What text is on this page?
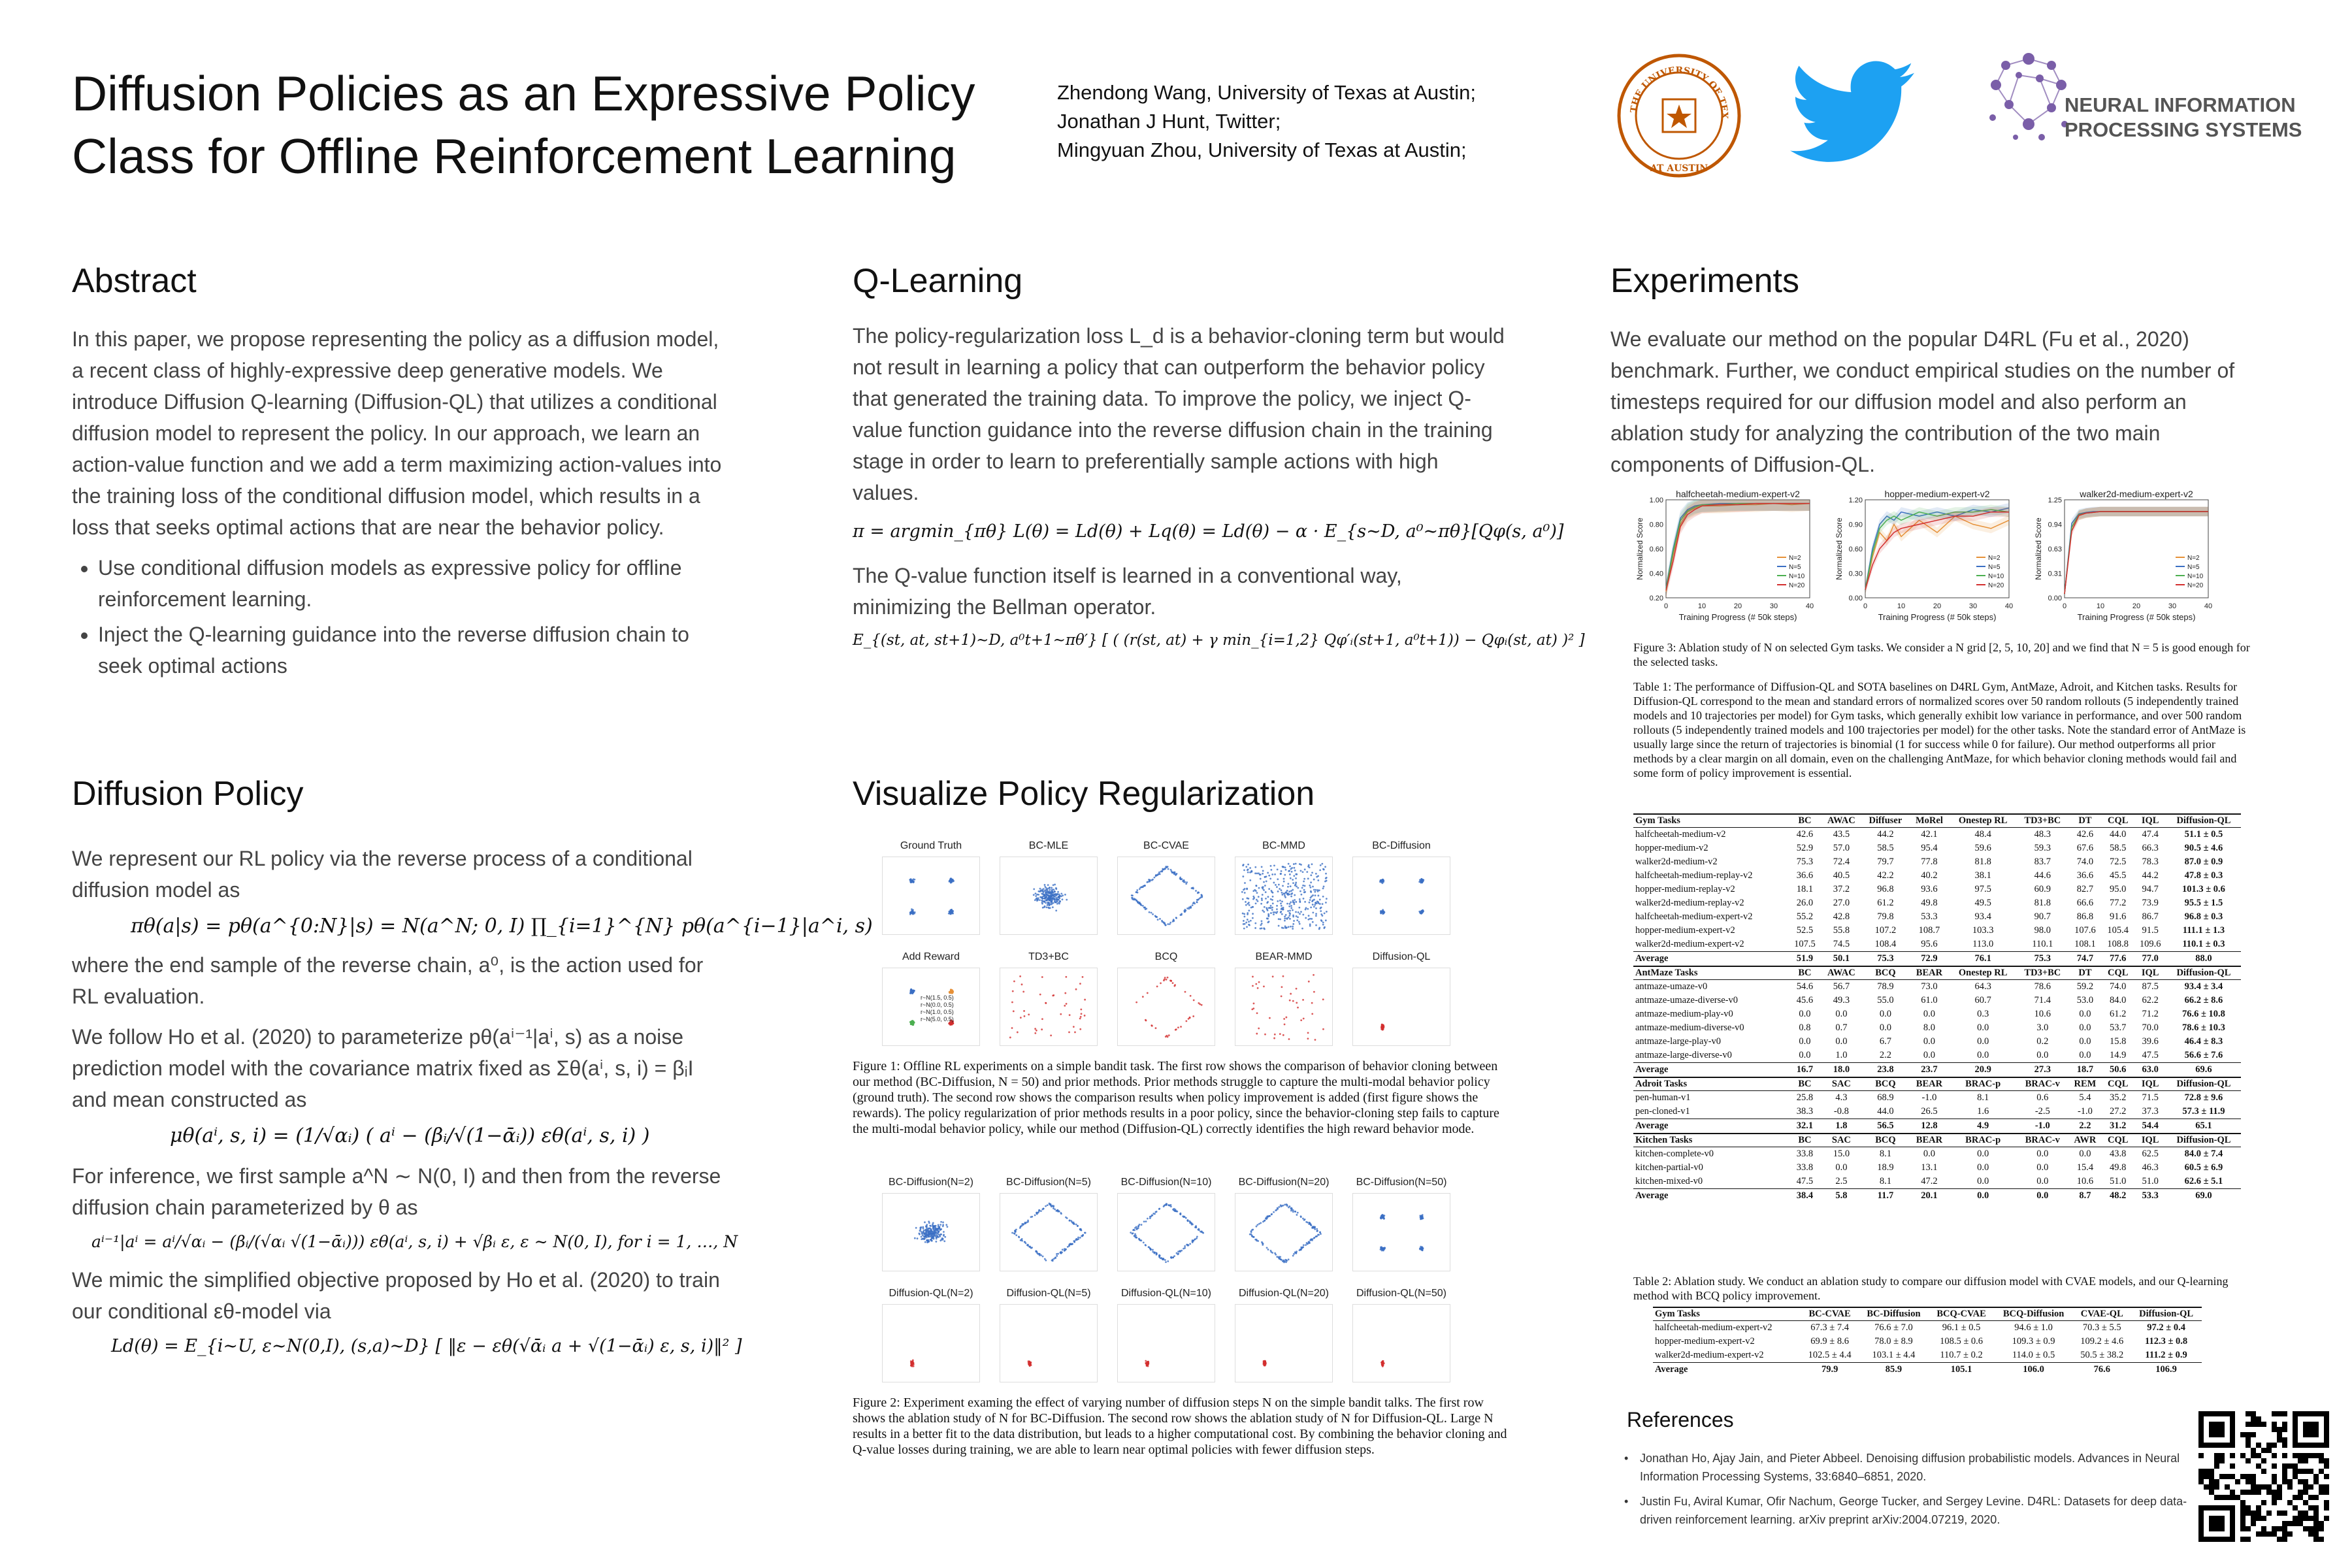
Diffusion Policies as an Expressive Policy
Class for Offline Reinforcement Learning
Zhendong Wang, University of Texas at Austin;
Jonathan J Hunt, Twitter;
Mingyuan Zhou, University of Texas at Austin;
THE UNIVERSITY OF TEX
AT AUSTIN
NEURAL INFORMATION
PROCESSING SYSTEMS
Abstract

In this paper, we propose representing the policy as a diffusion model, a recent class of highly-expressive deep generative models. We introduce Diffusion Q-learning (Diffusion-QL) that utilizes a conditional diffusion model to represent the policy. In our approach, we learn an action-value function and we add a term maximizing action-values into the training loss of the conditional diffusion model, which results in a loss that seeks optimal actions that are near the behavior policy.

• Use conditional diffusion models as expressive policy for offline reinforcement learning.
• Inject the Q-learning guidance into the reverse diffusion chain to seek optimal actions
Diffusion Policy

We represent our RL policy via the reverse process of a conditional diffusion model as

πθ(a|s) = pθ(a^{0:N}|s) = N(a^N; 0, I) ∏_{i=1}^{N} pθ(a^{i−1}|a^i, s)

where the end sample of the reverse chain, a⁰, is the action used for RL evaluation.

We follow Ho et al. (2020) to parameterize pθ(aⁱ⁻¹|aⁱ, s) as a noise prediction model with the covariance matrix fixed as Σθ(aⁱ, s, i) = βᵢI and mean constructed as

μθ(aⁱ, s, i) = (1/√αᵢ) ( aⁱ − (βᵢ/√(1−ᾱᵢ)) εθ(aⁱ, s, i) )

For inference, we first sample a^N ∼ N(0, I) and then from the reverse diffusion chain parameterized by θ as

aⁱ⁻¹|aⁱ = aⁱ/√αᵢ − (βᵢ/(√αᵢ √(1−ᾱᵢ))) εθ(aⁱ, s, i) + √βᵢ ε, ε ∼ N(0, I), for i = 1, …, N

We mimic the simplified objective proposed by Ho et al. (2020) to train our conditional εθ-model via

Ld(θ) = E_{i∼U, ε∼N(0,I), (s,a)∼D} [ ‖ε − εθ(√ᾱᵢ a + √(1−ᾱᵢ) ε, s, i)‖² ]
Q-Learning

The policy-regularization loss L_d is a behavior-cloning term but would not result in learning a policy that can outperform the behavior policy that generated the training data. To improve the policy, we inject Q-value function guidance into the reverse diffusion chain in the training stage in order to learn to preferentially sample actions with high values.

π = argmin_{πθ} L(θ) = Ld(θ) + Lq(θ) = Ld(θ) − α · E_{s∼D, a⁰∼πθ}[Qφ(s, a⁰)]

The Q-value function itself is learned in a conventional way, minimizing the Bellman operator.

E_{(st, at, st+1)∼D, a⁰t+1∼πθ′} [ ( (r(st, at) + γ min_{i=1,2} Qφ′ᵢ(st+1, a⁰t+1)) − Qφᵢ(st, at) )² ]
Visualize Policy Regularization
Ground Truth	BC-MLE	BC-CVAE	BC-MMD	BC-Diffusion
Add Reward
r~N(1.5, 0.5)
r~N(0.0, 0.5)
r~N(1.0, 0.5)
r~N(5.0, 0.5)
TD3+BC	BCQ	BEAR-MMD	Diffusion-QL
Figure 1: Offline RL experiments on a simple bandit task. The first row shows the comparison of behavior cloning between our method (BC-Diffusion, N = 50) and prior methods. Prior methods struggle to capture the multi-modal behavior policy (ground truth). The second row shows the comparison results when policy improvement is added (first figure shows the rewards). The policy regularization of prior methods results in a poor policy, since the behavior-cloning step fails to capture the multi-modal behavior policy, while our method (Diffusion-QL) correctly identifies the high reward behavior mode.
BC-Diffusion(N=2)	BC-Diffusion(N=5)	BC-Diffusion(N=10)	BC-Diffusion(N=20)	BC-Diffusion(N=50)
Diffusion-QL(N=2)	Diffusion-QL(N=5)	Diffusion-QL(N=10)	Diffusion-QL(N=20)	Diffusion-QL(N=50)
Figure 2: Experiment examing the effect of varying number of diffusion steps N on the simple bandit talks. The first row shows the ablation study of N for BC-Diffusion. The second row shows the ablation study of N for Diffusion-QL. Large N results in a better fit to the data distribution, but leads to a higher computational cost. By combining the behavior cloning and Q-value losses during training, we are able to learn near optimal policies with fewer diffusion steps.
Experiments

We evaluate our method on the popular D4RL (Fu et al., 2020) benchmark. Further, we conduct empirical studies on the number of timesteps required for our diffusion model and also perform an ablation study for analyzing the contribution of the two main components of Diffusion-QL.

halfcheetah-medium-expert-v2
Training Progress (# 50k steps)
Normalized Score
0	10	20	30	40
0.20
0.40
0.60
0.80
1.00
N=2
N=5
N=10
N=20
hopper-medium-expert-v2
Training Progress (# 50k steps)
Normalized Score
0	10	20	30	40
0.00
0.30
0.60
0.90
1.20
N=2
N=5
N=10
N=20
walker2d-medium-expert-v2
Training Progress (# 50k steps)
Normalized Score
0	10	20	30	40
0.00
0.31
0.63
0.94
1.25
N=2
N=5
N=10
N=20
Figure 3: Ablation study of N on selected Gym tasks. We consider a N grid [2, 5, 10, 20] and we find that N = 5 is good enough for the selected tasks.
Table 1: The performance of Diffusion-QL and SOTA baselines on D4RL Gym, AntMaze, Adroit, and Kitchen tasks. Results for Diffusion-QL correspond to the mean and standard errors of normalized scores over 50 random rollouts (5 independently trained models and 10 trajectories per model) for Gym tasks, which generally exhibit low variance in performance, and over 500 random rollouts (5 independently trained models and 100 trajectories per model) for the other tasks. Note the standard error of AntMaze is usually large since the return of trajectories is binomial (1 for success while 0 for failure). Our method outperforms all prior methods by a clear margin on all domain, even on the challenging AntMaze, for which behavior cloning methods would fail and some form of policy improvement is essential.
Gym Tasks	BC	AWAC	Diffuser	MoRel	Onestep RL	TD3+BC	DT	CQL	IQL	Diffusion-QL
halfcheetah-medium-v2	42.6	43.5	44.2	42.1	48.4	48.3	42.6	44.0	47.4	51.1 ± 0.5
hopper-medium-v2	52.9	57.0	58.5	95.4	59.6	59.3	67.6	58.5	66.3	90.5 ± 4.6
walker2d-medium-v2	75.3	72.4	79.7	77.8	81.8	83.7	74.0	72.5	78.3	87.0 ± 0.9
halfcheetah-medium-replay-v2	36.6	40.5	42.2	40.2	38.1	44.6	36.6	45.5	44.2	47.8 ± 0.3
hopper-medium-replay-v2	18.1	37.2	96.8	93.6	97.5	60.9	82.7	95.0	94.7	101.3 ± 0.6
walker2d-medium-replay-v2	26.0	27.0	61.2	49.8	49.5	81.8	66.6	77.2	73.9	95.5 ± 1.5
halfcheetah-medium-expert-v2	55.2	42.8	79.8	53.3	93.4	90.7	86.8	91.6	86.7	96.8 ± 0.3
hopper-medium-expert-v2	52.5	55.8	107.2	108.7	103.3	98.0	107.6	105.4	91.5	111.1 ± 1.3
walker2d-medium-expert-v2	107.5	74.5	108.4	95.6	113.0	110.1	108.1	108.8	109.6	110.1 ± 0.3
Average	51.9	50.1	75.3	72.9	76.1	75.3	74.7	77.6	77.0	88.0
AntMaze Tasks	BC	AWAC	BCQ	BEAR	Onestep RL	TD3+BC	DT	CQL	IQL	Diffusion-QL
antmaze-umaze-v0	54.6	56.7	78.9	73.0	64.3	78.6	59.2	74.0	87.5	93.4 ± 3.4
antmaze-umaze-diverse-v0	45.6	49.3	55.0	61.0	60.7	71.4	53.0	84.0	62.2	66.2 ± 8.6
antmaze-medium-play-v0	0.0	0.0	0.0	0.0	0.3	10.6	0.0	61.2	71.2	76.6 ± 10.8
antmaze-medium-diverse-v0	0.8	0.7	0.0	8.0	0.0	3.0	0.0	53.7	70.0	78.6 ± 10.3
antmaze-large-play-v0	0.0	0.0	6.7	0.0	0.0	0.2	0.0	15.8	39.6	46.4 ± 8.3
antmaze-large-diverse-v0	0.0	1.0	2.2	0.0	0.0	0.0	0.0	14.9	47.5	56.6 ± 7.6
Average	16.7	18.0	23.8	23.7	20.9	27.3	18.7	50.6	63.0	69.6
Adroit Tasks	BC	SAC	BCQ	BEAR	BRAC-p	BRAC-v	REM	CQL	IQL	Diffusion-QL
pen-human-v1	25.8	4.3	68.9	-1.0	8.1	0.6	5.4	35.2	71.5	72.8 ± 9.6
pen-cloned-v1	38.3	-0.8	44.0	26.5	1.6	-2.5	-1.0	27.2	37.3	57.3 ± 11.9
Average	32.1	1.8	56.5	12.8	4.9	-1.0	2.2	31.2	54.4	65.1
Kitchen Tasks	BC	SAC	BCQ	BEAR	BRAC-p	BRAC-v	AWR	CQL	IQL	Diffusion-QL
kitchen-complete-v0	33.8	15.0	8.1	0.0	0.0	0.0	0.0	43.8	62.5	84.0 ± 7.4
kitchen-partial-v0	33.8	0.0	18.9	13.1	0.0	0.0	15.4	49.8	46.3	60.5 ± 6.9
kitchen-mixed-v0	47.5	2.5	8.1	47.2	0.0	0.0	10.6	51.0	51.0	62.6 ± 5.1
Average	38.4	5.8	11.7	20.1	0.0	0.0	8.7	48.2	53.3	69.0
Table 2: Ablation study. We conduct an ablation study to compare our diffusion model with CVAE models, and our Q-learning method with BCQ policy improvement.
Gym Tasks	BC-CVAE	BC-Diffusion	BCQ-CVAE	BCQ-Diffusion	CVAE-QL	Diffusion-QL
halfcheetah-medium-expert-v2	67.3 ± 7.4	76.6 ± 7.0	96.1 ± 0.5	94.6 ± 1.0	70.3 ± 5.5	97.2 ± 0.4
hopper-medium-expert-v2	69.9 ± 8.6	78.0 ± 8.9	108.5 ± 0.6	109.3 ± 0.9	109.2 ± 4.6	112.3 ± 0.8
walker2d-medium-expert-v2	102.5 ± 4.4	103.1 ± 4.4	110.7 ± 0.2	114.0 ± 0.5	50.5 ± 38.2	111.2 ± 0.9
Average	79.9	85.9	105.1	106.0	76.6	106.9
References
• Jonathan Ho, Ajay Jain, and Pieter Abbeel. Denoising diffusion probabilistic models. Advances in Neural Information Processing Systems, 33:6840–6851, 2020.
• Justin Fu, Aviral Kumar, Ofir Nachum, George Tucker, and Sergey Levine. D4RL: Datasets for deep data-driven reinforcement learning. arXiv preprint arXiv:2004.07219, 2020.
